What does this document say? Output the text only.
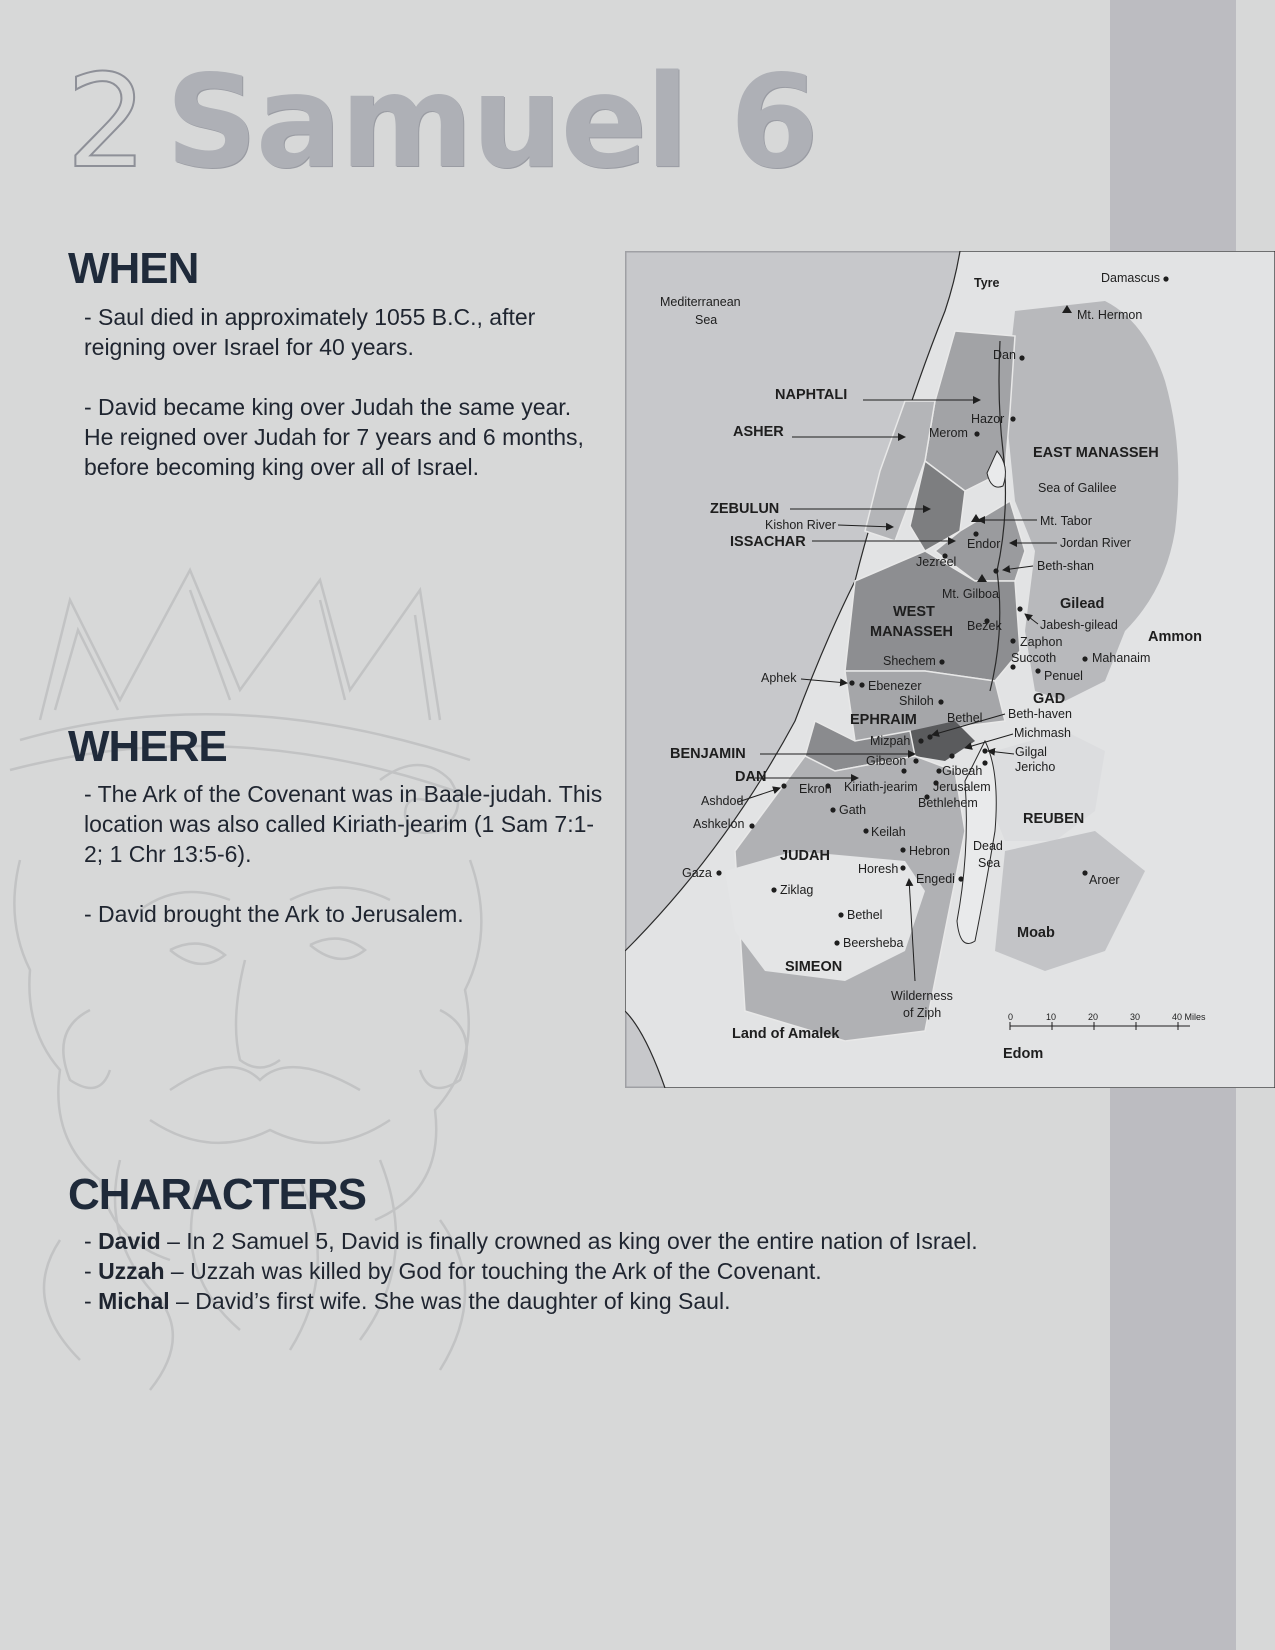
2 Samuel 6
WHEN

- Saul died in approximately 1055 B.C., after reigning over Israel for 40 years.

- David became king over Judah the same year. He reigned over Judah for 7 years and 6 months, before becoming king over all of Israel.

WHERE

- The Ark of the Covenant was in Baale-judah. This location was also called Kiriath-jearim (1 Sam 7:1-2; 1 Chr 13:5-6).

- David brought the Ark to Jerusalem.

CHARACTERS
- David – In 2 Samuel 5, David is finally crowned as king over the entire nation of Israel.
- Uzzah – Uzzah was killed by God for touching the Ark of the Covenant.
- Michal – David’s first wife. She was the daughter of king Saul.
Mediterranean
Sea
NAPHTALI
ASHER
ZEBULUN
ISSACHAR
EAST MANASSEH
WEST
MANASSEH
EPHRAIM
BENJAMIN
DAN
JUDAH
SIMEON
GAD
REUBEN
Gilead
Ammon
Moab
Edom
Land of Amalek
Dead
Sea
Wilderness
of Ziph
Tyre	Damascus
Mt. Hermon
Dan
Hazor
Merom
Sea of Galilee
Kishon River	Mt. Tabor
Endor	Jordan River
Jezreel	Beth-shan
Mt. Gilboa
Jabesh-gilead
Bezek
Zaphon
Succoth	Mahanaim
Penuel
Shechem
Aphek
Ebenezer
Shiloh
Bethel Beth-haven
Michmash
Mizpah
Gilgal
Gibeon	Jericho
Gibeah
Kiriath-jearim Jerusalem
Ashdod
Ekron
Bethlehem
Gath
Ashkelon
Keilah
Hebron
Horesh
Engedi
Gaza	Aroer
Ziklag
Bethel
Beersheba
0	10	20	30	40 Miles
